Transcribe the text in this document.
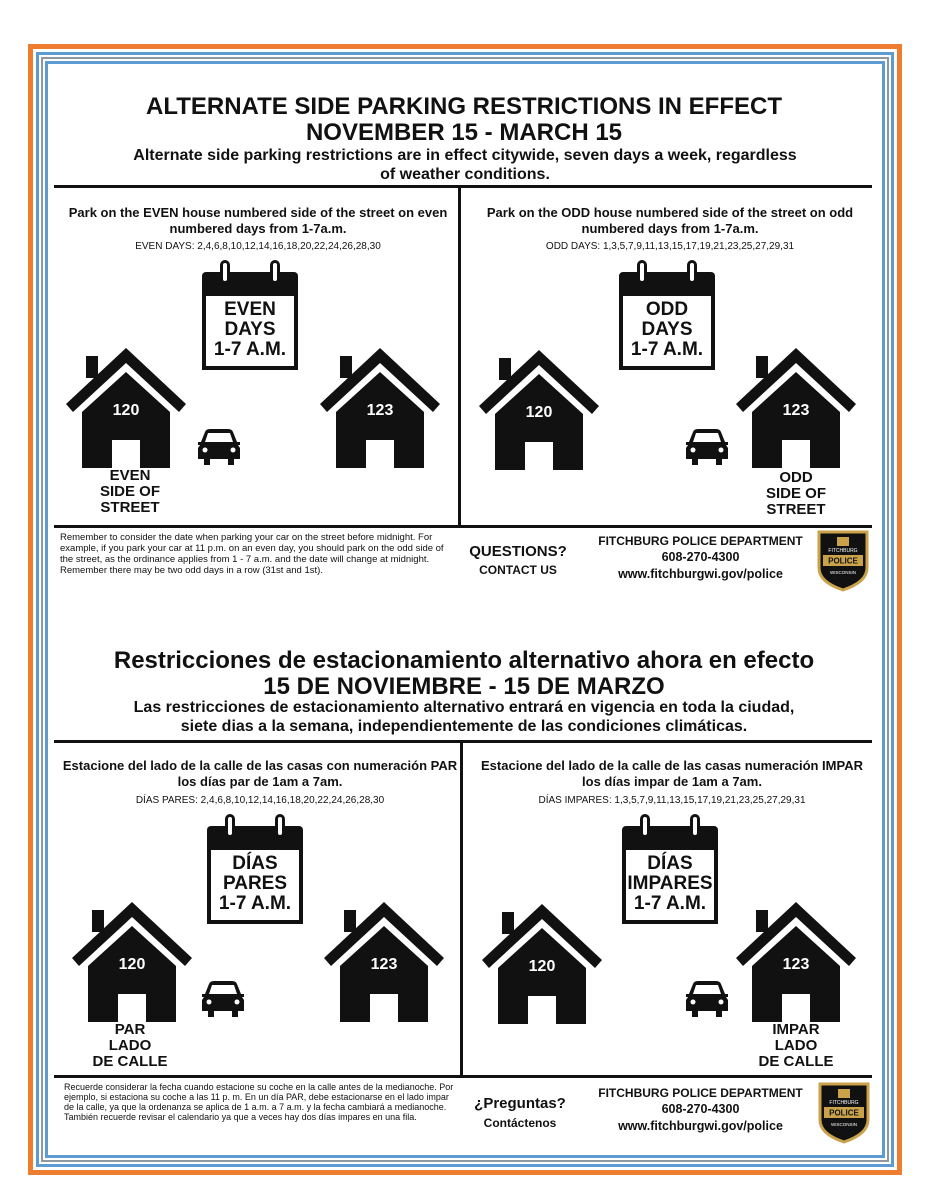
ALTERNATE SIDE PARKING RESTRICTIONS IN EFFECT
NOVEMBER 15 - MARCH 15
Alternate side parking restrictions are in effect citywide, seven days a week, regardless of weather conditions.
Park on the EVEN house numbered side of the street on even numbered days from 1-7a.m.
EVEN DAYS: 2,4,6,8,10,12,14,16,18,20,22,24,26,28,30
EVEN
DAYS
1-7 A.M.
120	123
EVEN
SIDE OF
STREET
Park on the ODD house numbered side of the street on odd numbered days from 1-7a.m.
ODD DAYS: 1,3,5,7,9,11,13,15,17,19,21,23,25,27,29,31
ODD
DAYS
1-7 A.M.
120	123
ODD
SIDE OF
STREET
Remember to consider the date when parking your car on the street before midnight. For example, if you park your car at 11 p.m. on an even day, you should park on the odd side of the street, as the ordinance applies from 1 - 7 a.m. and the date will change at midnight. Remember there may be two odd days in a row (31st and 1st).
QUESTIONS?
CONTACT US
FITCHBURG POLICE DEPARTMENT
608-270-4300
www.fitchburgwi.gov/police
FITCHBURG
POLICE
WISCONSIN
Restricciones de estacionamiento alternativo ahora en efecto
15 DE NOVIEMBRE - 15 DE MARZO
Las restricciones de estacionamiento alternativo entrará en vigencia en toda la ciudad,
siete dias a la semana, independientemente de las condiciones climáticas.
Estacione del lado de la calle de las casas con numeración PAR los días par de 1am a 7am.
DÍAS PARES: 2,4,6,8,10,12,14,16,18,20,22,24,26,28,30
DÍAS
PARES
1-7 A.M.
120	123
PAR
LADO
DE CALLE
Estacione del lado de la calle de las casas numeración IMPAR los días impar de 1am a 7am.
DÍAS IMPARES: 1,3,5,7,9,11,13,15,17,19,21,23,25,27,29,31
DÍAS
IMPARES
1-7 A.M.
120	123
IMPAR
LADO
DE CALLE
Recuerde considerar la fecha cuando estacione su coche en la calle antes de la medianoche. Por ejemplo, si estaciona su coche a las 11 p. m. En un día PAR, debe estacionarse en el lado impar de la calle, ya que la ordenanza se aplica de 1 a.m. a 7 a.m. y la fecha cambiará a medianoche. También recuerde revisar el calendario ya que a veces hay dos días impares en una fila.
¿Preguntas?
Contáctenos
FITCHBURG POLICE DEPARTMENT
608-270-4300
www.fitchburgwi.gov/police
FITCHBURG
POLICE
WISCONSIN
